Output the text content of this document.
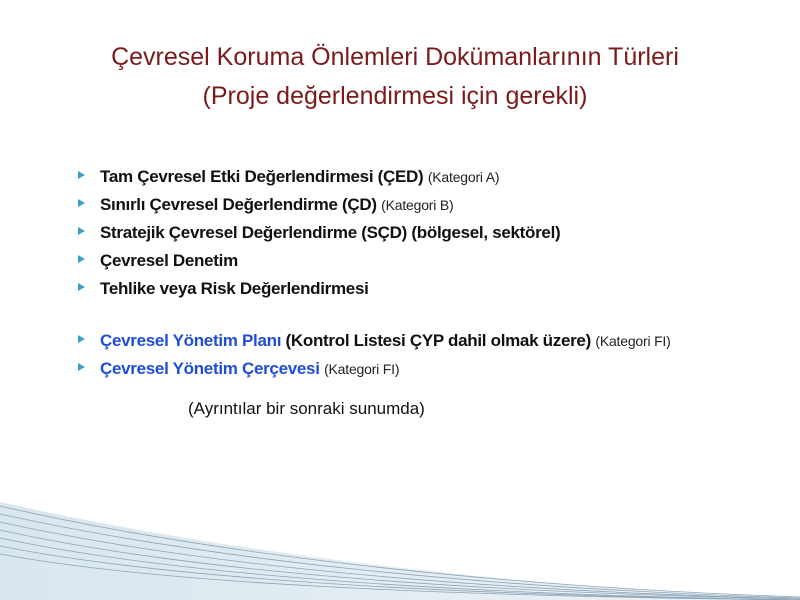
Çevresel Koruma Önlemleri Dokümanlarının Türleri
(Proje değerlendirmesi için gerekli)
Tam Çevresel Etki Değerlendirmesi (ÇED) (Kategori A)
Sınırlı Çevresel Değerlendirme (ÇD) (Kategori B)
Stratejik Çevresel Değerlendirme (SÇD) (bölgesel, sektörel)
Çevresel Denetim
Tehlike veya Risk Değerlendirmesi
Çevresel Yönetim Planı (Kontrol Listesi ÇYP dahil olmak üzere) (Kategori FI)
Çevresel Yönetim Çerçevesi (Kategori FI)
(Ayrıntılar bir sonraki sunumda)
